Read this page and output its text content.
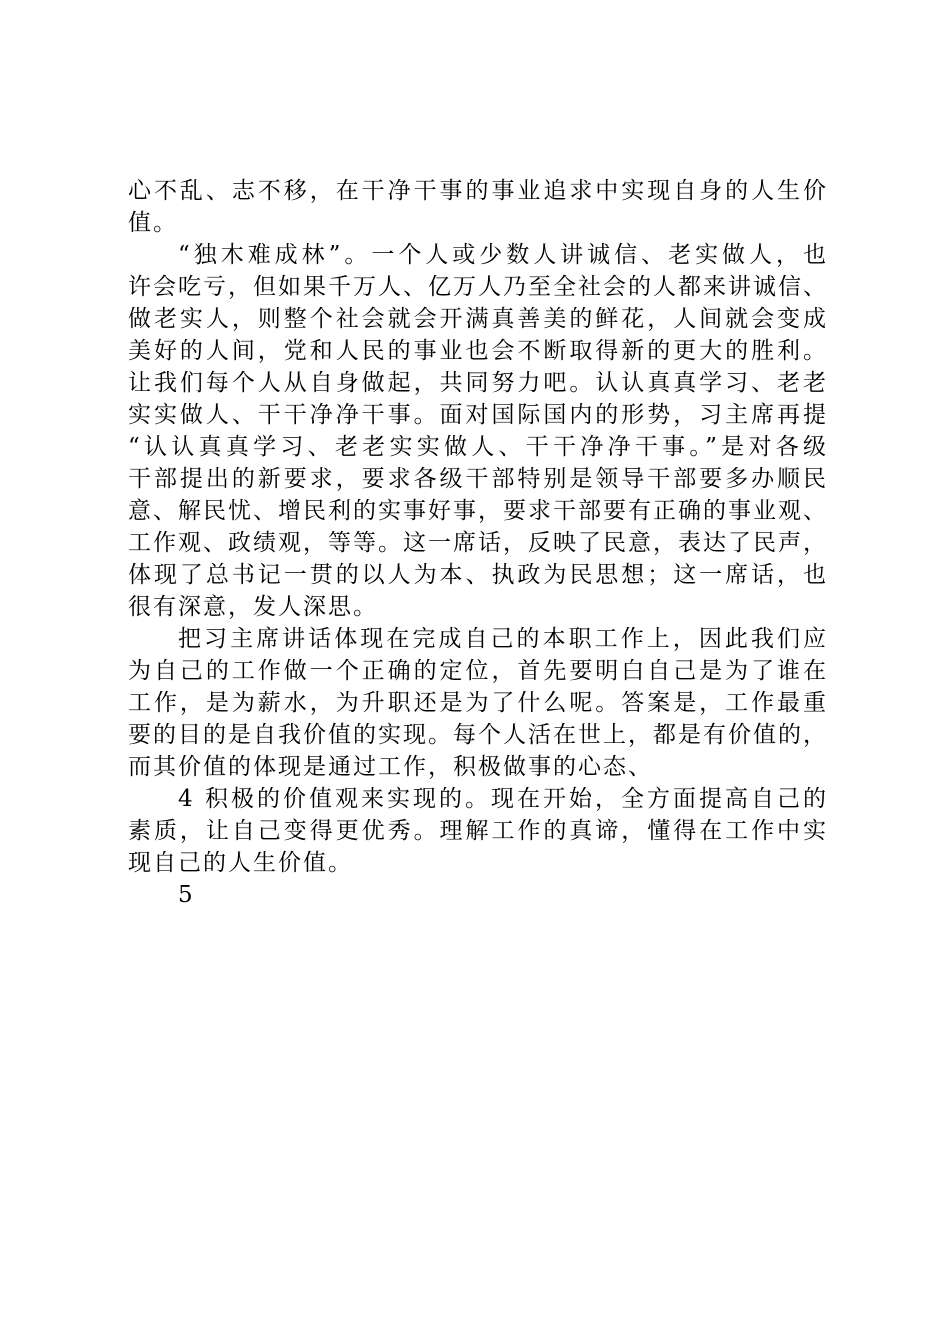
心不乱、志不移，在干净干事的事业追求中实现自身的人生价
值。
“独木难成林”。一个人或少数人讲诚信、老实做人，也
许会吃亏，但如果千万人、亿万人乃至全社会的人都来讲诚信、
做老实人，则整个社会就会开满真善美的鲜花，人间就会变成
美好的人间，党和人民的事业也会不断取得新的更大的胜利。
让我们每个人从自身做起，共同努力吧。认认真真学习、老老
实实做人、干干净净干事。面对国际国内的形势，习主席再提
“认认真真学习、老老实实做人、干干净净干事。”是对各级
干部提出的新要求，要求各级干部特别是领导干部要多办顺民
意、解民忧、增民利的实事好事，要求干部要有正确的事业观、
工作观、政绩观，等等。这一席话，反映了民意，表达了民声，
体现了总书记一贯的以人为本、执政为民思想；这一席话，也
很有深意，发人深思。
把习主席讲话体现在完成自己的本职工作上，因此我们应
为自己的工作做一个正确的定位，首先要明白自己是为了谁在
工作，是为薪水，为升职还是为了什么呢。答案是，工作最重
要的目的是自我价值的实现。每个人活在世上，都是有价值的，
而其价值的体现是通过工作，积极做事的心态、
4 积极的价值观来实现的。现在开始，全方面提高自己的
素质，让自己变得更优秀。理解工作的真谛，懂得在工作中实
现自己的人生价值。
5
